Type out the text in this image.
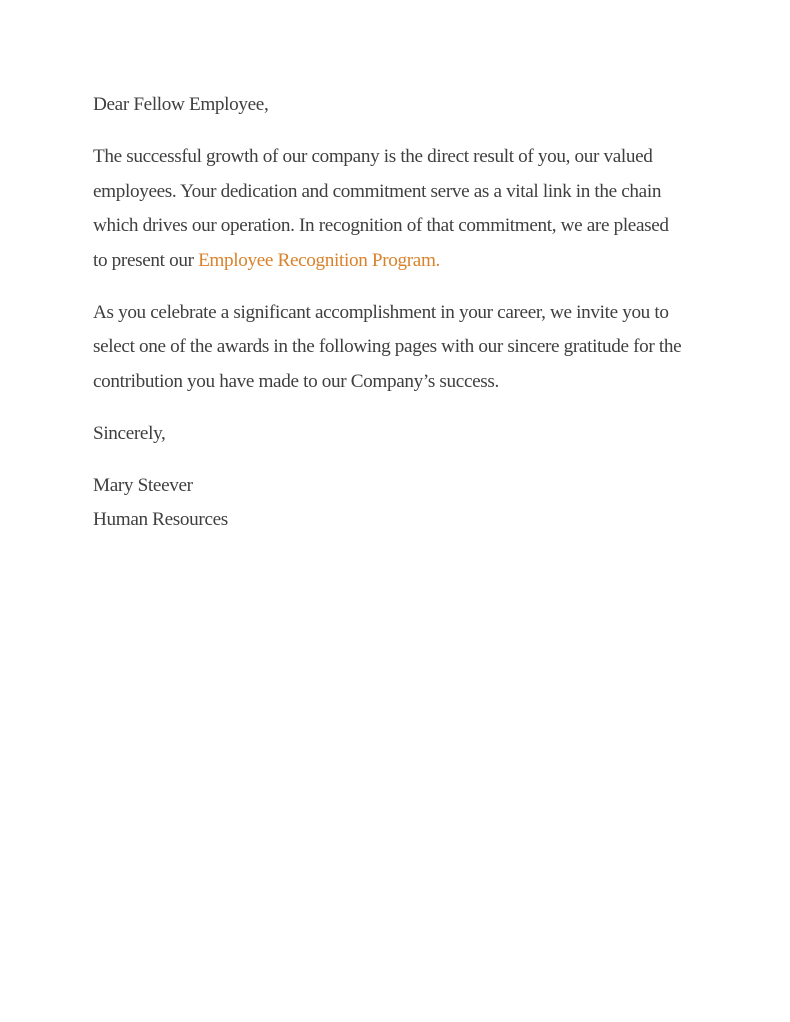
Dear Fellow Employee,
The successful growth of our company is the direct result of you, our valued
employees. Your dedication and commitment serve as a vital link in the chain
which drives our operation. In recognition of that commitment, we are pleased
to present our Employee Recognition Program.
As you celebrate a significant accomplishment in your career, we invite you to
select one of the awards in the following pages with our sincere gratitude for the
contribution you have made to our Company’s success.
Sincerely,
Mary Steever
Human Resources
